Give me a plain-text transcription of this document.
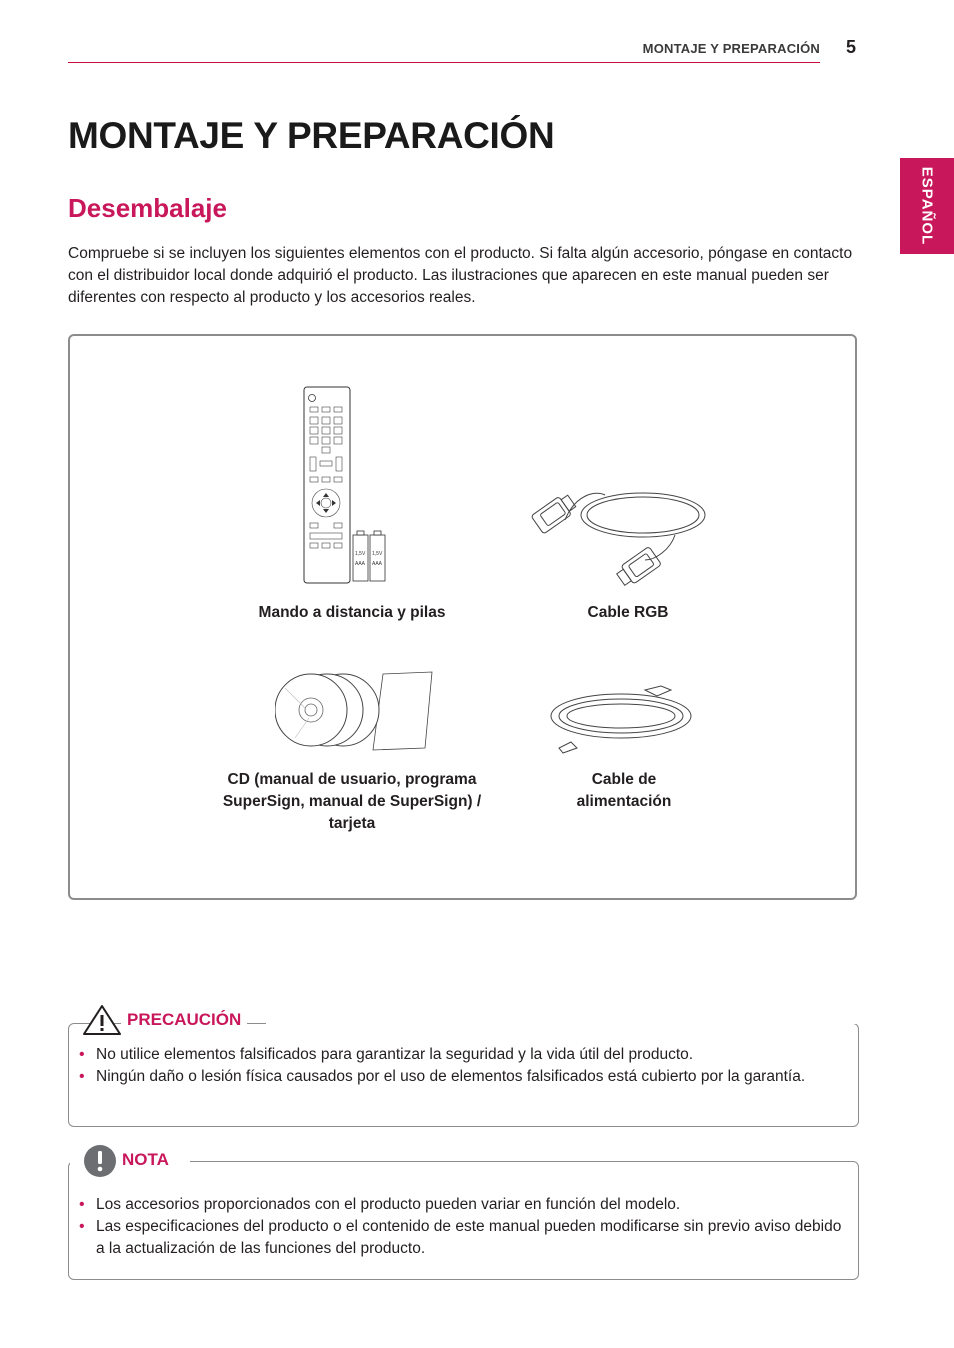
MONTAJE Y PREPARACIÓN 5
ESPAÑOL
MONTAJE Y PREPARACIÓN
Desembalaje
Compruebe si se incluyen los siguientes elementos con el producto. Si falta algún accesorio, póngase en contacto con el distribuidor local donde adquirió el producto. Las ilustraciones que aparecen en este manual pueden ser diferentes con respecto al producto y los accesorios reales.
1,5V 1,5V
AAA AAA
Mando a distancia y pilas	Cable RGB
CD (manual de usuario, programa
SuperSign, manual de SuperSign) /
tarjeta
Cable de
alimentación
• No utilice elementos falsificados para garantizar la seguridad y la vida útil del producto.
• Ningún daño o lesión física causados por el uso de elementos falsificados está cubierto por la garantía.
PRECAUCIÓN
• Los accesorios proporcionados con el producto pueden variar en función del modelo.
• Las especificaciones del producto o el contenido de este manual pueden modificarse sin previo aviso debido a la actualización de las funciones del producto.
NOTA
